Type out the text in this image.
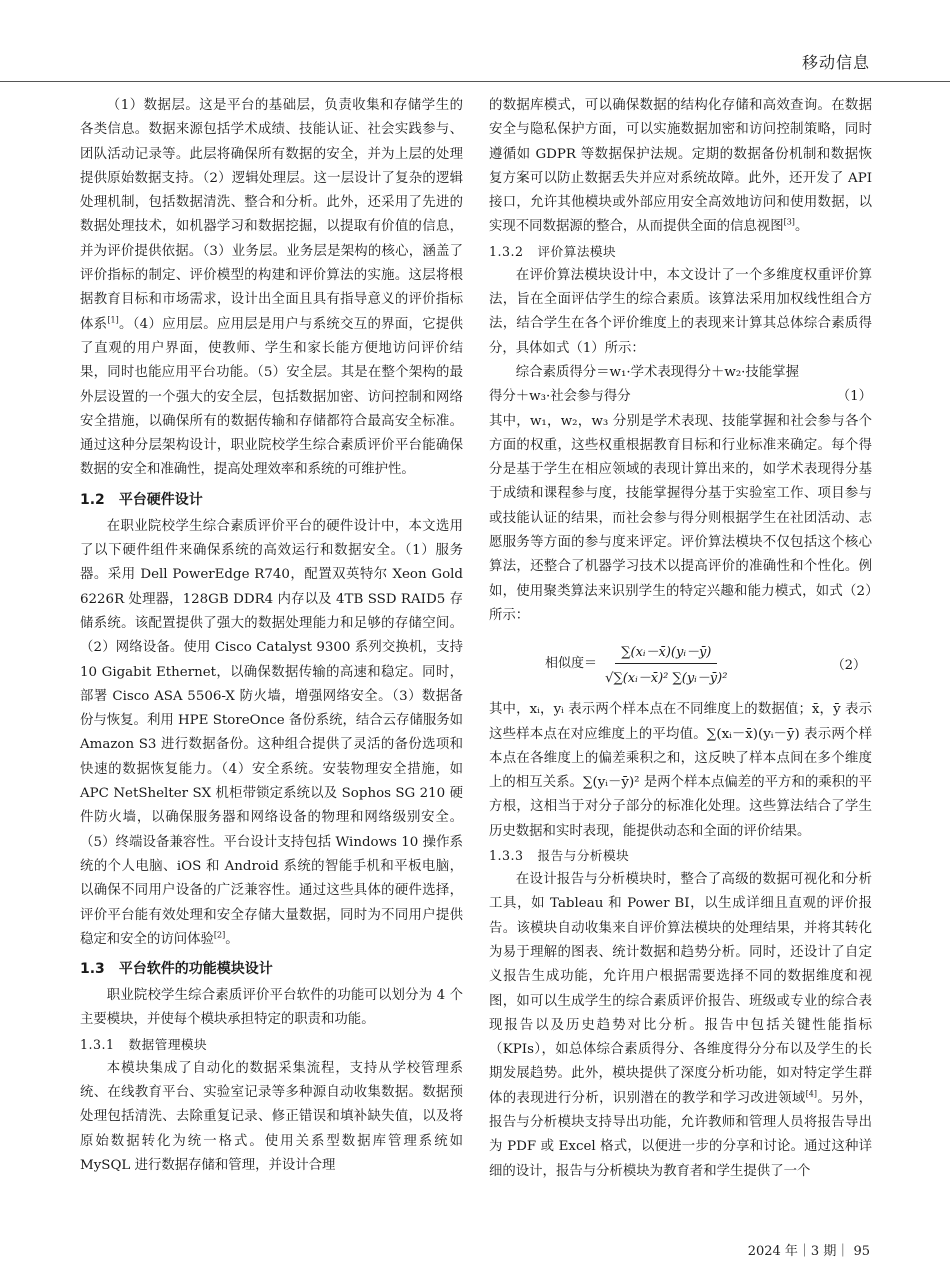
移动信息

（1）数据层。这是平台的基础层，负责收集和存储学生的各类信息。数据来源包括学术成绩、技能认证、社会实践参与、团队活动记录等。此层将确保所有数据的安全，并为上层的处理提供原始数据支持。（2）逻辑处理层。这一层设计了复杂的逻辑处理机制，包括数据清洗、整合和分析。此外，还采用了先进的数据处理技术，如机器学习和数据挖掘，以提取有价值的信息，并为评价提供依据。（3）业务层。业务层是架构的核心，涵盖了评价指标的制定、评价模型的构建和评价算法的实施。这层将根据教育目标和市场需求，设计出全面且具有指导意义的评价指标体系[1]。（4）应用层。应用层是用户与系统交互的界面，它提供了直观的用户界面，使教师、学生和家长能方便地访问评价结果，同时也能应用平台功能。（5）安全层。其是在整个架构的最外层设置的一个强大的安全层，包括数据加密、访问控制和网络安全措施，以确保所有的数据传输和存储都符合最高安全标准。通过这种分层架构设计，职业院校学生综合素质评价平台能确保数据的安全和准确性，提高处理效率和系统的可维护性。

1.2 平台硬件设计

在职业院校学生综合素质评价平台的硬件设计中，本文选用了以下硬件组件来确保系统的高效运行和数据安全。（1）服务器。采用 Dell PowerEdge R740，配置双英特尔 Xeon Gold 6226R 处理器，128GB DDR4 内存以及 4TB SSD RAID5 存储系统。该配置提供了强大的数据处理能力和足够的存储空间。（2）网络设备。使用 Cisco Catalyst 9300 系列交换机，支持 10 Gigabit Ethernet，以确保数据传输的高速和稳定。同时，部署 Cisco ASA 5506-X 防火墙，增强网络安全。（3）数据备份与恢复。利用 HPE StoreOnce 备份系统，结合云存储服务如 Amazon S3 进行数据备份。这种组合提供了灵活的备份选项和快速的数据恢复能力。（4）安全系统。安装物理安全措施，如 APC NetShelter SX 机柜带锁定系统以及 Sophos SG 210 硬件防火墙，以确保服务器和网络设备的物理和网络级别安全。（5）终端设备兼容性。平台设计支持包括 Windows 10 操作系统的个人电脑、iOS 和 Android 系统的智能手机和平板电脑，以确保不同用户设备的广泛兼容性。通过这些具体的硬件选择，评价平台能有效处理和安全存储大量数据，同时为不同用户提供稳定和安全的访问体验[2]。

1.3 平台软件的功能模块设计

职业院校学生综合素质评价平台软件的功能可以划分为 4 个主要模块，并使每个模块承担特定的职责和功能。

1.3.1 数据管理模块

本模块集成了自动化的数据采集流程，支持从学校管理系统、在线教育平台、实验室记录等多种源自动收集数据。数据预处理包括清洗、去除重复记录、修正错误和填补缺失值，以及将原始数据转化为统一格式。使用关系型数据库管理系统如 MySQL 进行数据存储和管理，并设计合理

的数据库模式，可以确保数据的结构化存储和高效查询。在数据安全与隐私保护方面，可以实施数据加密和访问控制策略，同时遵循如 GDPR 等数据保护法规。定期的数据备份机制和数据恢复方案可以防止数据丢失并应对系统故障。此外，还开发了 API 接口，允许其他模块或外部应用安全高效地访问和使用数据，以实现不同数据源的整合，从而提供全面的信息视图[3]。

1.3.2 评价算法模块

在评价算法模块设计中，本文设计了一个多维度权重评价算法，旨在全面评估学生的综合素质。该算法采用加权线性组合方法，结合学生在各个评价维度上的表现来计算其总体综合素质得分，具体如式（1）所示：

综合素质得分＝w₁·学术表现得分＋w₂·技能掌握
得分＋w₃·社会参与得分	（1）

其中，w₁，w₂，w₃ 分别是学术表现、技能掌握和社会参与各个方面的权重，这些权重根据教育目标和行业标准来确定。每个得分是基于学生在相应领域的表现计算出来的，如学术表现得分基于成绩和课程参与度，技能掌握得分基于实验室工作、项目参与或技能认证的结果，而社会参与得分则根据学生在社团活动、志愿服务等方面的参与度来评定。评价算法模块不仅包括这个核心算法，还整合了机器学习技术以提高评价的准确性和个性化。例如，使用聚类算法来识别学生的特定兴趣和能力模式，如式（2）所示：

相似度＝ $\frac{\text{∑(xᵢ－x̄)(yᵢ－ȳ)}}{\text{√∑(xᵢ－x̄)² ∑(yᵢ－ȳ)²}}$	（2）

其中，xᵢ，yᵢ 表示两个样本点在不同维度上的数据值；x̄，ȳ 表示这些样本点在对应维度上的平均值。∑(xᵢ－x̄)(yᵢ－ȳ) 表示两个样本点在各维度上的偏差乘积之和，这反映了样本点间在多个维度上的相互关系。∑(yᵢ－ȳ)² 是两个样本点偏差的平方和的乘积的平方根，这相当于对分子部分的标准化处理。这些算法结合了学生历史数据和实时表现，能提供动态和全面的评价结果。

1.3.3 报告与分析模块

在设计报告与分析模块时，整合了高级的数据可视化和分析工具，如 Tableau 和 Power BI，以生成详细且直观的评价报告。该模块自动收集来自评价算法模块的处理结果，并将其转化为易于理解的图表、统计数据和趋势分析。同时，还设计了自定义报告生成功能，允许用户根据需要选择不同的数据维度和视图，如可以生成学生的综合素质评价报告、班级或专业的综合表现报告以及历史趋势对比分析。报告中包括关键性能指标（KPIs），如总体综合素质得分、各维度得分分布以及学生的长期发展趋势。此外，模块提供了深度分析功能，如对特定学生群体的表现进行分析，识别潜在的教学和学习改进领域[4]。另外，报告与分析模块支持导出功能，允许教师和管理人员将报告导出为 PDF 或 Excel 格式，以便进一步的分享和讨论。通过这种详细的设计，报告与分析模块为教育者和学生提供了一个

2024 年｜3 期｜ 95
